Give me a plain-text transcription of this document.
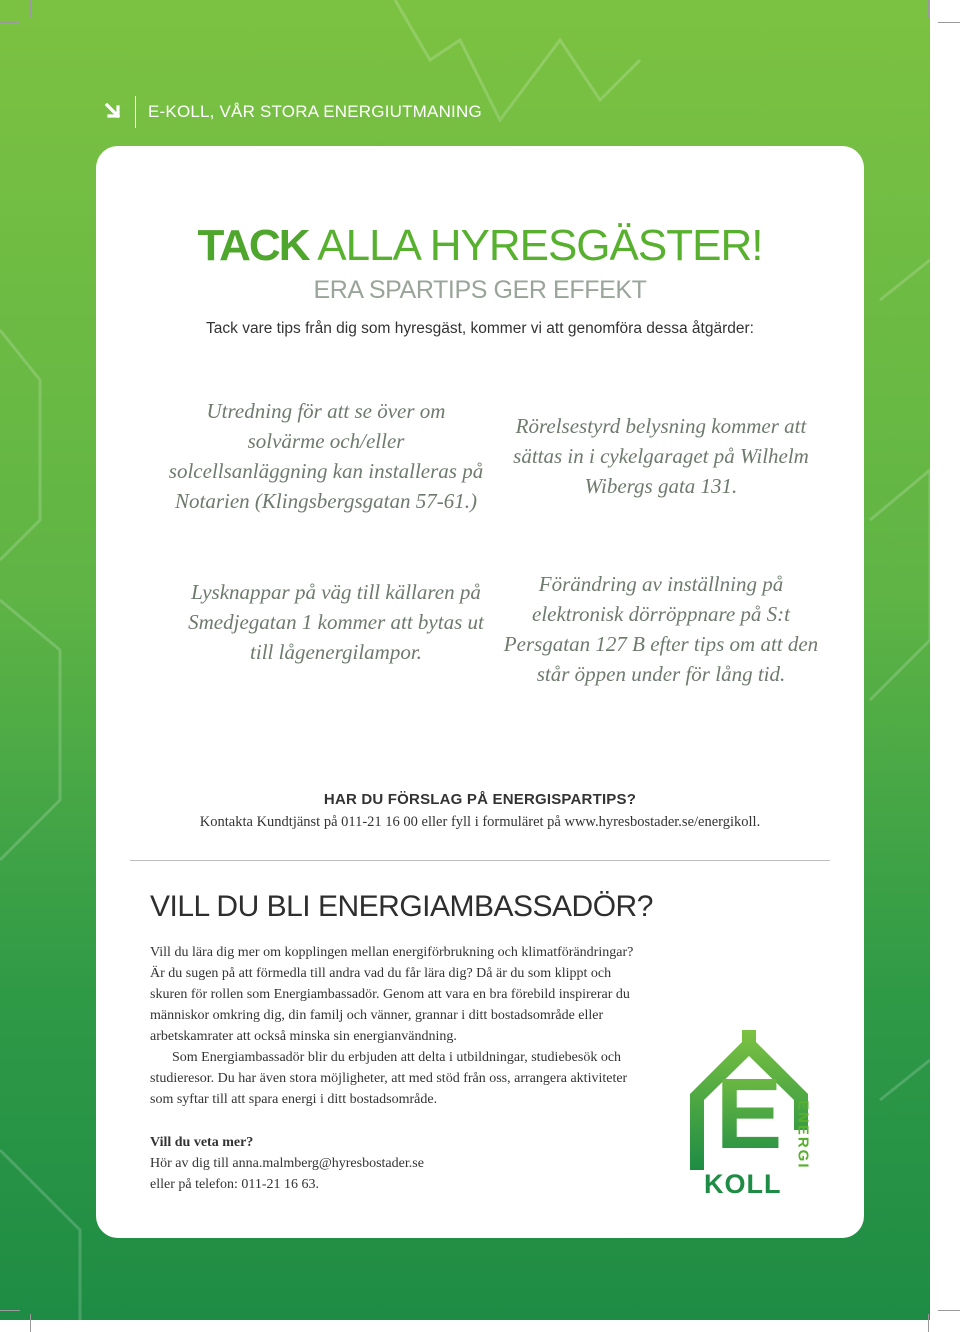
E-KOLL, VÅR STORA ENERGIUTMANING
TACK ALLA HYRESGÄSTER!
ERA SPARTIPS GER EFFEKT
Tack vare tips från dig som hyresgäst, kommer vi att genomföra dessa åtgärder:
Utredning för att se över om solvärme och/eller solcellsanläggning kan installeras på Notarien (Klingsbergsgatan 57-61.)
Rörelsestyrd belysning kommer att sättas in i cykelgaraget på Wilhelm Wibergs gata 131.
Lysknappar på väg till källaren på Smedjegatan 1 kommer att bytas ut till lågenergilampor.
Förändring av inställning på elektronisk dörröppnare på S:t Persgatan 127 B efter tips om att den står öppen under för lång tid.
HAR DU FÖRSLAG PÅ ENERGISPARTIPS?
Kontakta Kundtjänst på 011-21 16 00 eller fyll i formuläret på www.hyresbostader.se/energikoll.
VILL DU BLI ENERGIAMBASSADÖR?

Vill du lära dig mer om kopplingen mellan energiförbrukning och klimatförändringar? Är du sugen på att förmedla till andra vad du får lära dig? Då är du som klippt och skuren för rollen som Energiambassadör. Genom att vara en bra förebild inspirerar du människor omkring dig, din familj och vänner, grannar i ditt bostadsområde eller arbetskamrater att också minska sin energianvändning.

Som Energiambassadör blir du erbjuden att delta i utbildningar, studiebesök och studieresor. Du har även stora möjligheter, att med stöd från oss, arrangera aktiviteter som syftar till att spara energi i ditt bostadsområde.

Vill du veta mer?
Hör av dig till anna.malmberg@hyresbostader.se
eller på telefon: 011-21 16 63.
E
KOLL
ENERGI
